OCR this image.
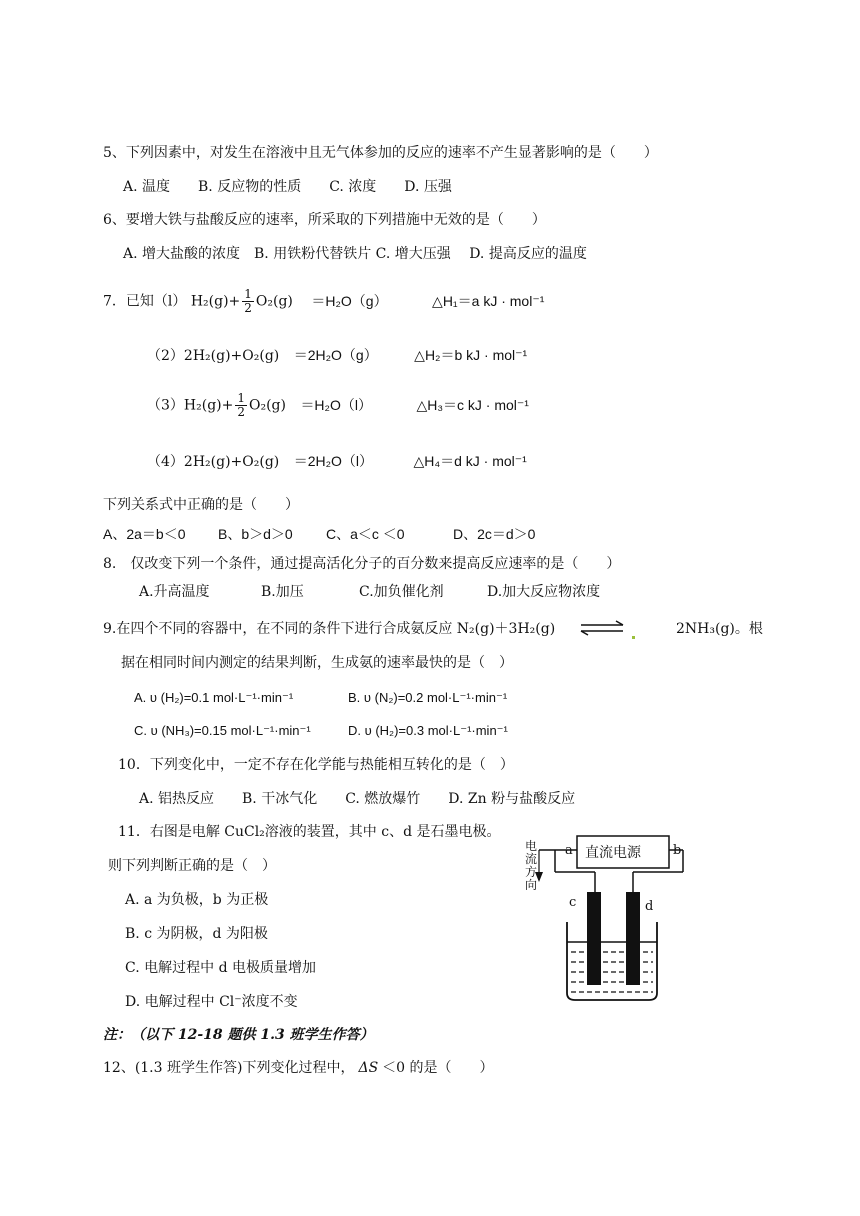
5、下列因素中，对发生在溶液中且无气体参加的反应的速率不产生显著影响的是（　　）
A. 温度　　B. 反应物的性质　　C. 浓度　　D. 压强
6、要增大铁与盐酸反应的速率，所采取的下列措施中无效的是（　　）
A. 增大盐酸的浓度　B. 用铁粉代替铁片 C. 增大压强　 D. 提高反应的温度
7．已知（l） $H_2(g)+ \frac{1}{2} O_2(g) =H_2O(g)$	△H₁＝a kJ · mol⁻¹
（2）2H₂(g)+O₂(g) ＝2H₂O（g）	△H₂＝b kJ · mol⁻¹
$(3)H_2(g)+ \frac{1}{2} O_2(g) =H_2O(l)$	△H₃＝c kJ · mol⁻¹
（4）2H₂(g)+O₂(g) ＝2H₂O（l）	△H₄＝d kJ · mol⁻¹
下列关系式中正确的是（　　）
A、2a＝b＜0 B、b＞d＞0 C、a＜c ＜0	D、2c＝d＞0
8.　仅改变下列一个条件，通过提高活化分子的百分数来提高反应速率的是（　　）
A.升高温度	B.加压	C.加负催化剂	D.加大反应物浓度
9.在四个不同的容器中，在不同的条件下进行合成氨反应 N₂(g)＋3H₂(g)	2NH₃(g)。根
据在相同时间内测定的结果判断，生成氨的速率最快的是（　）
A. υ (H₂)=0.1 mol·L⁻¹·min⁻¹	B. υ (N₂)=0.2 mol·L⁻¹·min⁻¹
C. υ (NH₃)=0.15 mol·L⁻¹·min⁻¹	D. υ (H₂)=0.3 mol·L⁻¹·min⁻¹
10．下列变化中，一定不存在化学能与热能相互转化的是（　）
A. 铝热反应　　B. 干冰气化　　C. 燃放爆竹　　D. Zn 粉与盐酸反应
11．右图是电解 CuCl₂溶液的装置，其中 c、d 是石墨电极。
则下列判断正确的是（　）
A. a 为负极，b 为正极
B. c 为阴极，d 为阳极
C. 电解过程中 d 电极质量增加
D. 电解过程中 Cl⁻浓度不变
直流电源
a	b
电流方向
c	d
注：（以下 12-18 题供 1.3 班学生作答）
12、(1.3 班学生作答)下列变化过程中， ΔS ＜0 的是（　　）
